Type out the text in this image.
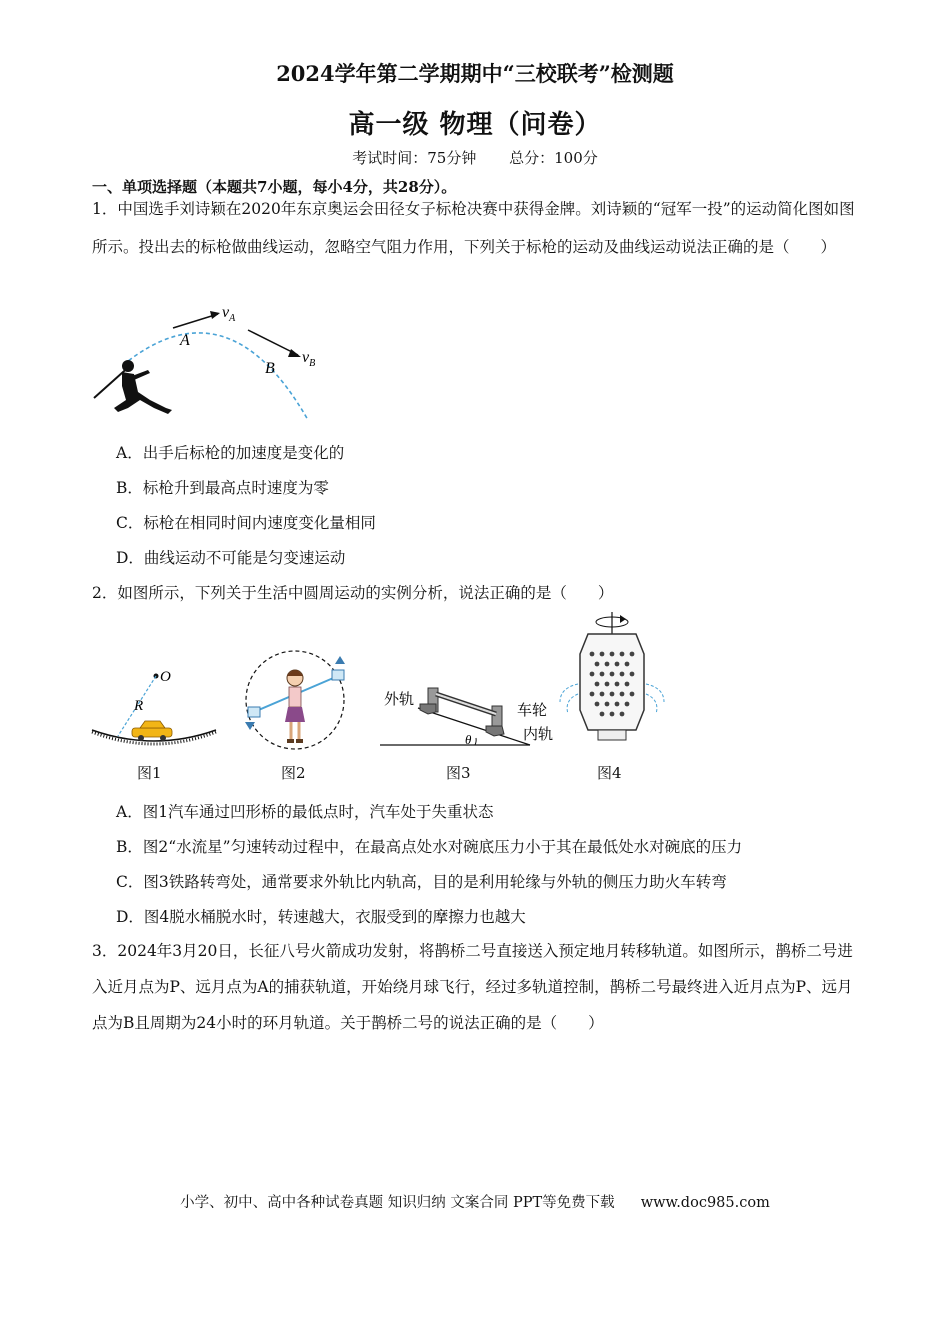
2024学年第二学期期中“三校联考”检测题
高一级 物理（问卷）
考试时间：75分钟 总分：100分
一、单项选择题（本题共7小题，每小4分，共28分）。
1．中国选手刘诗颖在2020年东京奥运会田径女子标枪决赛中获得金牌。刘诗颖的“冠军一投”的运动简化图如图所示。投出去的标枪做曲线运动，忽略空气阻力作用，下列关于标枪的运动及曲线运动说法正确的是（　　）
A
B
$v_A$
$v_B$
A．出手后标枪的加速度是变化的
B．标枪升到最高点时速度为零
C．标枪在相同时间内速度变化量相同
D．曲线运动不可能是匀变速运动
2．如图所示，下列关于生活中圆周运动的实例分析，说法正确的是（　　）
O
R
图1	图2
θ
外轨
车轮
内轨
图3	图4
A．图1汽车通过凹形桥的最低点时，汽车处于失重状态
B．图2“水流星”匀速转动过程中，在最高点处水对碗底压力小于其在最低处水对碗底的压力
C．图3铁路转弯处，通常要求外轨比内轨高，目的是利用轮缘与外轨的侧压力助火车转弯
D．图4脱水桶脱水时，转速越大，衣服受到的摩擦力也越大
3．2024年3月20日，长征八号火箭成功发射，将鹊桥二号直接送入预定地月转移轨道。如图所示，鹊桥二号进入近月点为P、远月点为A的捕获轨道，开始绕月球飞行，经过多轨道控制，鹊桥二号最终进入近月点为P、远月点为B且周期为24小时的环月轨道。关于鹊桥二号的说法正确的是（　　）
小学、初中、高中各种试卷真题 知识归纳 文案合同 PPT等免费下载 www.doc985.com
